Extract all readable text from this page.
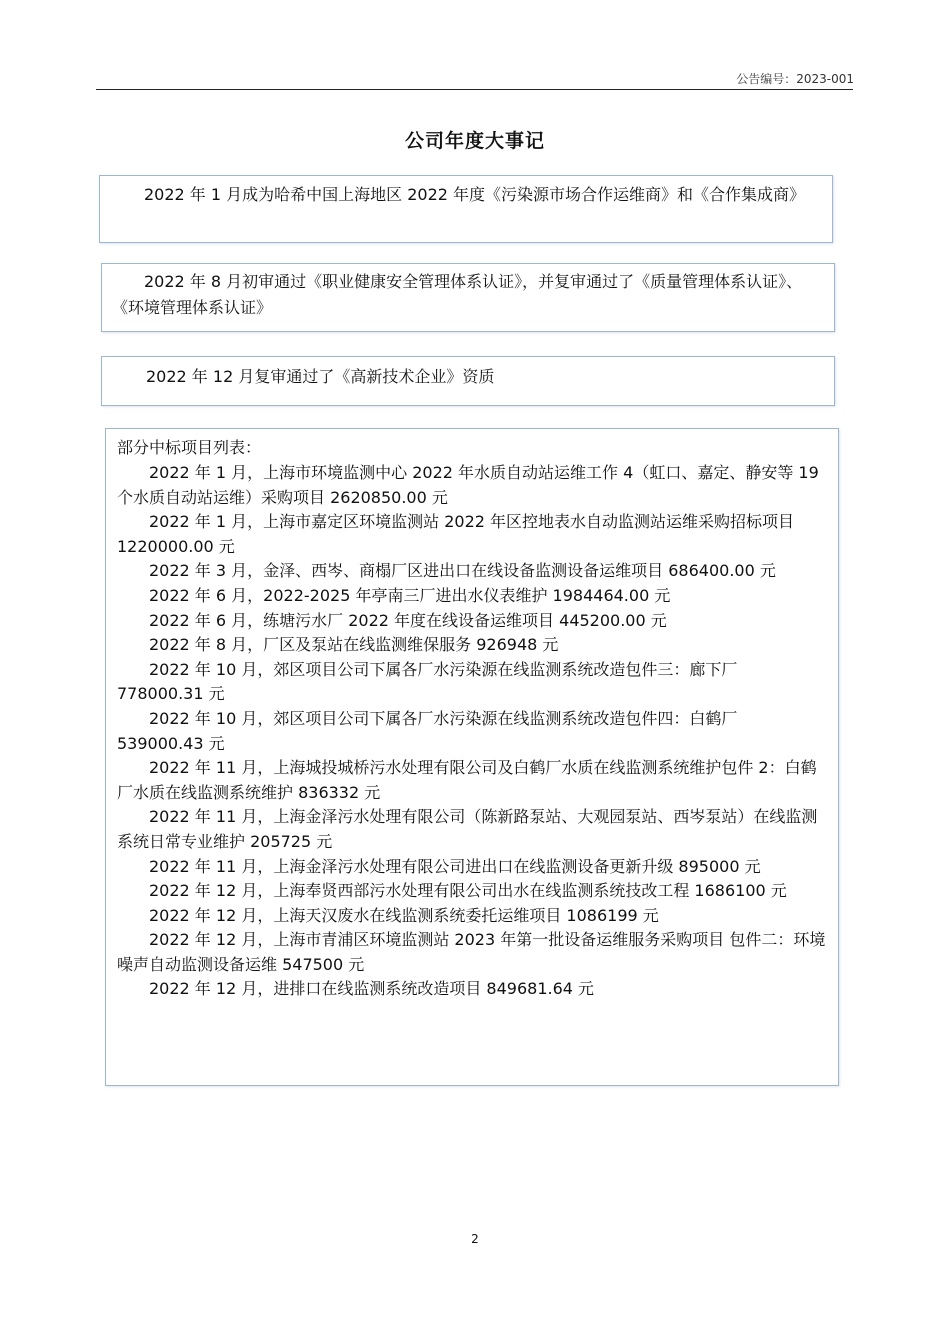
公告编号：2023-001
公司年度大事记

2022 年 1 月成为哈希中国上海地区 2022 年度《污染源市场合作运维商》和《合作集成商》

2022 年 8 月初审通过《职业健康安全管理体系认证》，并复审通过了《质量管理体系认证》、《环境管理体系认证》

2022 年 12 月复审通过了《高新技术企业》资质

部分中标项目列表：

2022 年 1 月，上海市环境监测中心 2022 年水质自动站运维工作 4（虹口、嘉定、静安等 19 个水质自动站运维）采购项目 2620850.00 元

2022 年 1 月，上海市嘉定区环境监测站 2022 年区控地表水自动监测站运维采购招标项目 1220000.00 元

2022 年 3 月，金泽、西岑、商榻厂区进出口在线设备监测设备运维项目 686400.00 元

2022 年 6 月，2022-2025 年亭南三厂进出水仪表维护 1984464.00 元

2022 年 6 月，练塘污水厂 2022 年度在线设备运维项目 445200.00 元

2022 年 8 月，厂区及泵站在线监测维保服务 926948 元

2022 年 10 月，郊区项目公司下属各厂水污染源在线监测系统改造包件三：廊下厂 778000.31 元

2022 年 10 月，郊区项目公司下属各厂水污染源在线监测系统改造包件四：白鹤厂 539000.43 元

2022 年 11 月，上海城投城桥污水处理有限公司及白鹤厂水质在线监测系统维护包件 2：白鹤厂水质在线监测系统维护 836332 元

2022 年 11 月，上海金泽污水处理有限公司（陈新路泵站、大观园泵站、西岑泵站）在线监测系统日常专业维护 205725 元

2022 年 11 月，上海金泽污水处理有限公司进出口在线监测设备更新升级 895000 元

2022 年 12 月，上海奉贤西部污水处理有限公司出水在线监测系统技改工程 1686100 元

2022 年 12 月，上海天汉废水在线监测系统委托运维项目 1086199 元

2022 年 12 月，上海市青浦区环境监测站 2023 年第一批设备运维服务采购项目 包件二：环境噪声自动监测设备运维 547500 元

2022 年 12 月，进排口在线监测系统改造项目 849681.64 元

2
